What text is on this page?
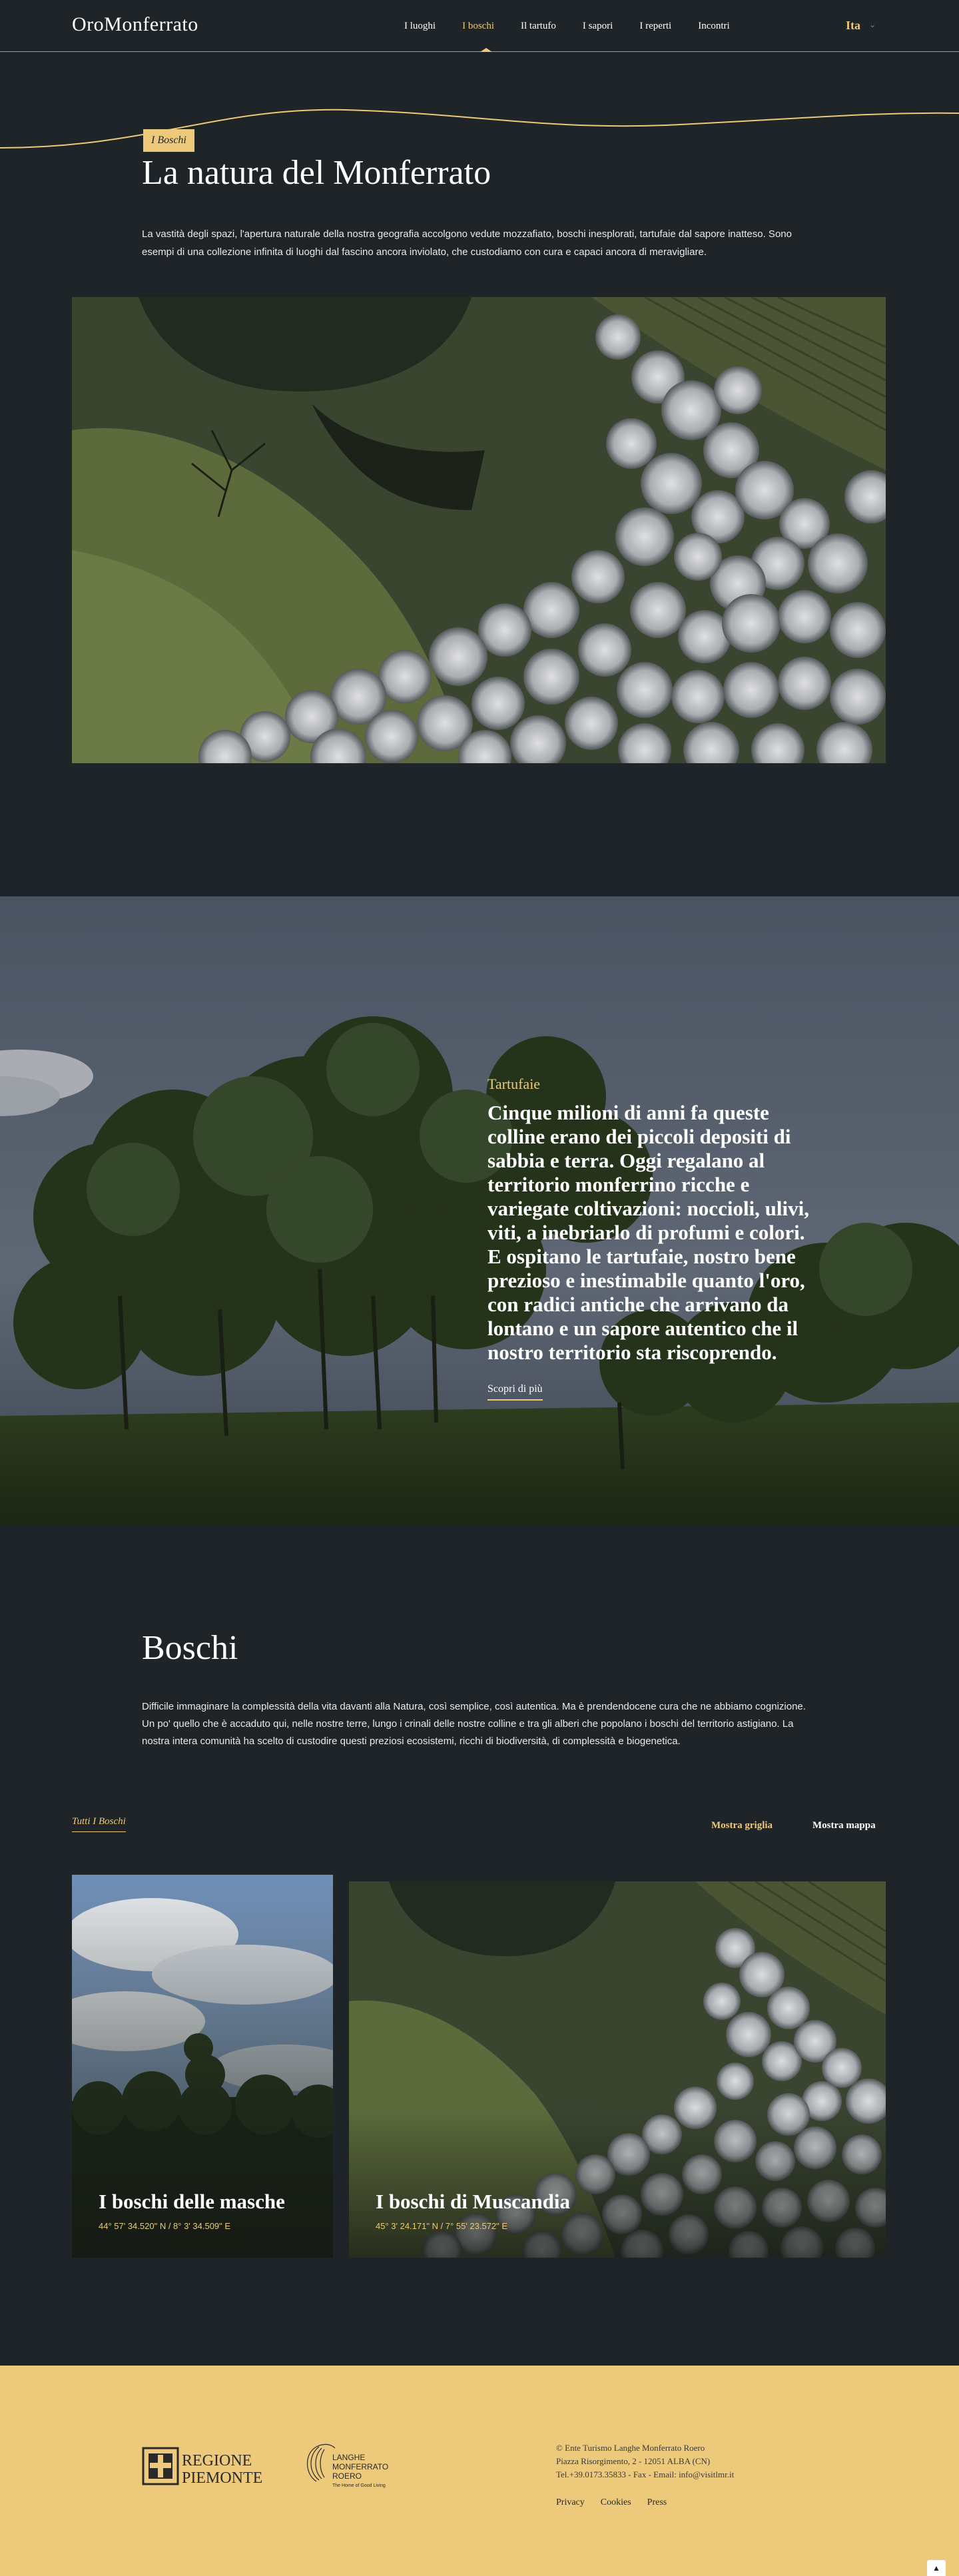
OroMonferrato	I luoghi	I boschi	Il tartufo	I sapori	I reperti	Incontri	Ita ⌄
I Boschi
La natura del Monferrato

La vastità degli spazi, l'apertura naturale della nostra geografia accolgono vedute mozzafiato, boschi inesplorati, tartufaie dal sapore inatteso. Sono esempi di una collezione infinita di luoghi dal fascino ancora inviolato, che custodiamo con cura e capaci ancora di meravigliare.

Tartufaie

Cinque milioni di anni fa queste colline erano dei piccoli depositi di sabbia e terra. Oggi regalano al territorio monferrino ricche e variegate coltivazioni: noccioli, ulivi, viti, a inebriarlo di profumi e colori. E ospitano le tartufaie, nostro bene prezioso e inestimabile quanto l'oro, con radici antiche che arrivano da lontano e un sapore autentico che il nostro territorio sta riscoprendo.

Scopri di più
Boschi

Difficile immaginare la complessità della vita davanti alla Natura, così semplice, così autentica. Ma è prendendocene cura che ne abbiamo cognizione. Un po' quello che è accaduto qui, nelle nostre terre, lungo i crinali delle nostre colline e tra gli alberi che popolano i boschi del territorio astigiano. La nostra intera comunità ha scelto di custodire questi preziosi ecosistemi, ricchi di biodiversità, di complessità e biogenetica.

Tutti I Boschi	Mostra griglia	Mostra mappa
I boschi delle masche
44° 57' 34.520" N / 8° 3' 34.509" E
I boschi di Muscandia
45° 3' 24.171" N / 7° 55' 23.572" E
REGIONE
PIEMONTE
LANGHE
MONFERRATO
ROERO
The Home of Good Living
© Ente Turismo Langhe Monferrato Roero
Piazza Risorgimento, 2 - 12051 ALBA (CN)
Tel.+39.0173.35833 - Fax - Email: info@visitlmr.it
Privacy Cookies Press
▲
